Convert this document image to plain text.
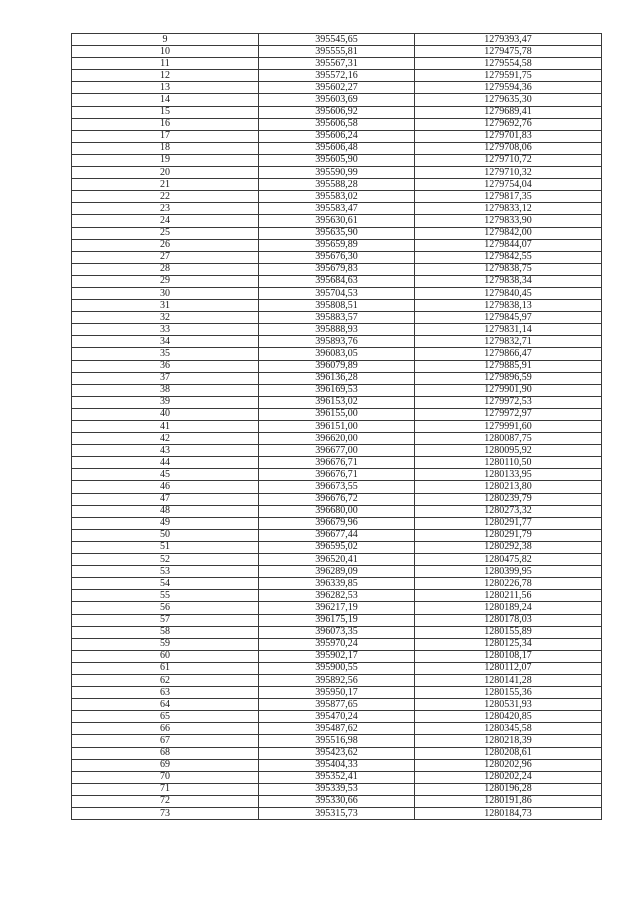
9	395545,65	1279393,47
10	395555,81	1279475,78
11	395567,31	1279554,58
12	395572,16	1279591,75
13	395602,27	1279594,36
14	395603,69	1279635,30
15	395606,92	1279689,41
16	395606,58	1279692,76
17	395606,24	1279701,83
18	395606,48	1279708,06
19	395605,90	1279710,72
20	395590,99	1279710,32
21	395588,28	1279754,04
22	395583,02	1279817,35
23	395583,47	1279833,12
24	395630,61	1279833,90
25	395635,90	1279842,00
26	395659,89	1279844,07
27	395676,30	1279842,55
28	395679,83	1279838,75
29	395684,63	1279838,34
30	395704,53	1279840,45
31	395808,51	1279838,13
32	395883,57	1279845,97
33	395888,93	1279831,14
34	395893,76	1279832,71
35	396083,05	1279866,47
36	396079,89	1279885,91
37	396136,28	1279896,59
38	396169,53	1279901,90
39	396153,02	1279972,53
40	396155,00	1279972,97
41	396151,00	1279991,60
42	396620,00	1280087,75
43	396677,00	1280095,92
44	396676,71	1280110,50
45	396676,71	1280133,95
46	396673,55	1280213,80
47	396676,72	1280239,79
48	396680,00	1280273,32
49	396679,96	1280291,77
50	396677,44	1280291,79
51	396595,02	1280292,38
52	396520,41	1280475,82
53	396289,09	1280399,95
54	396339,85	1280226,78
55	396282,53	1280211,56
56	396217,19	1280189,24
57	396175,19	1280178,03
58	396073,35	1280155,89
59	395970,24	1280125,34
60	395902,17	1280108,17
61	395900,55	1280112,07
62	395892,56	1280141,28
63	395950,17	1280155,36
64	395877,65	1280531,93
65	395470,24	1280420,85
66	395487,62	1280345,58
67	395516,98	1280218,39
68	395423,62	1280208,61
69	395404,33	1280202,96
70	395352,41	1280202,24
71	395339,53	1280196,28
72	395330,66	1280191,86
73	395315,73	1280184,73
